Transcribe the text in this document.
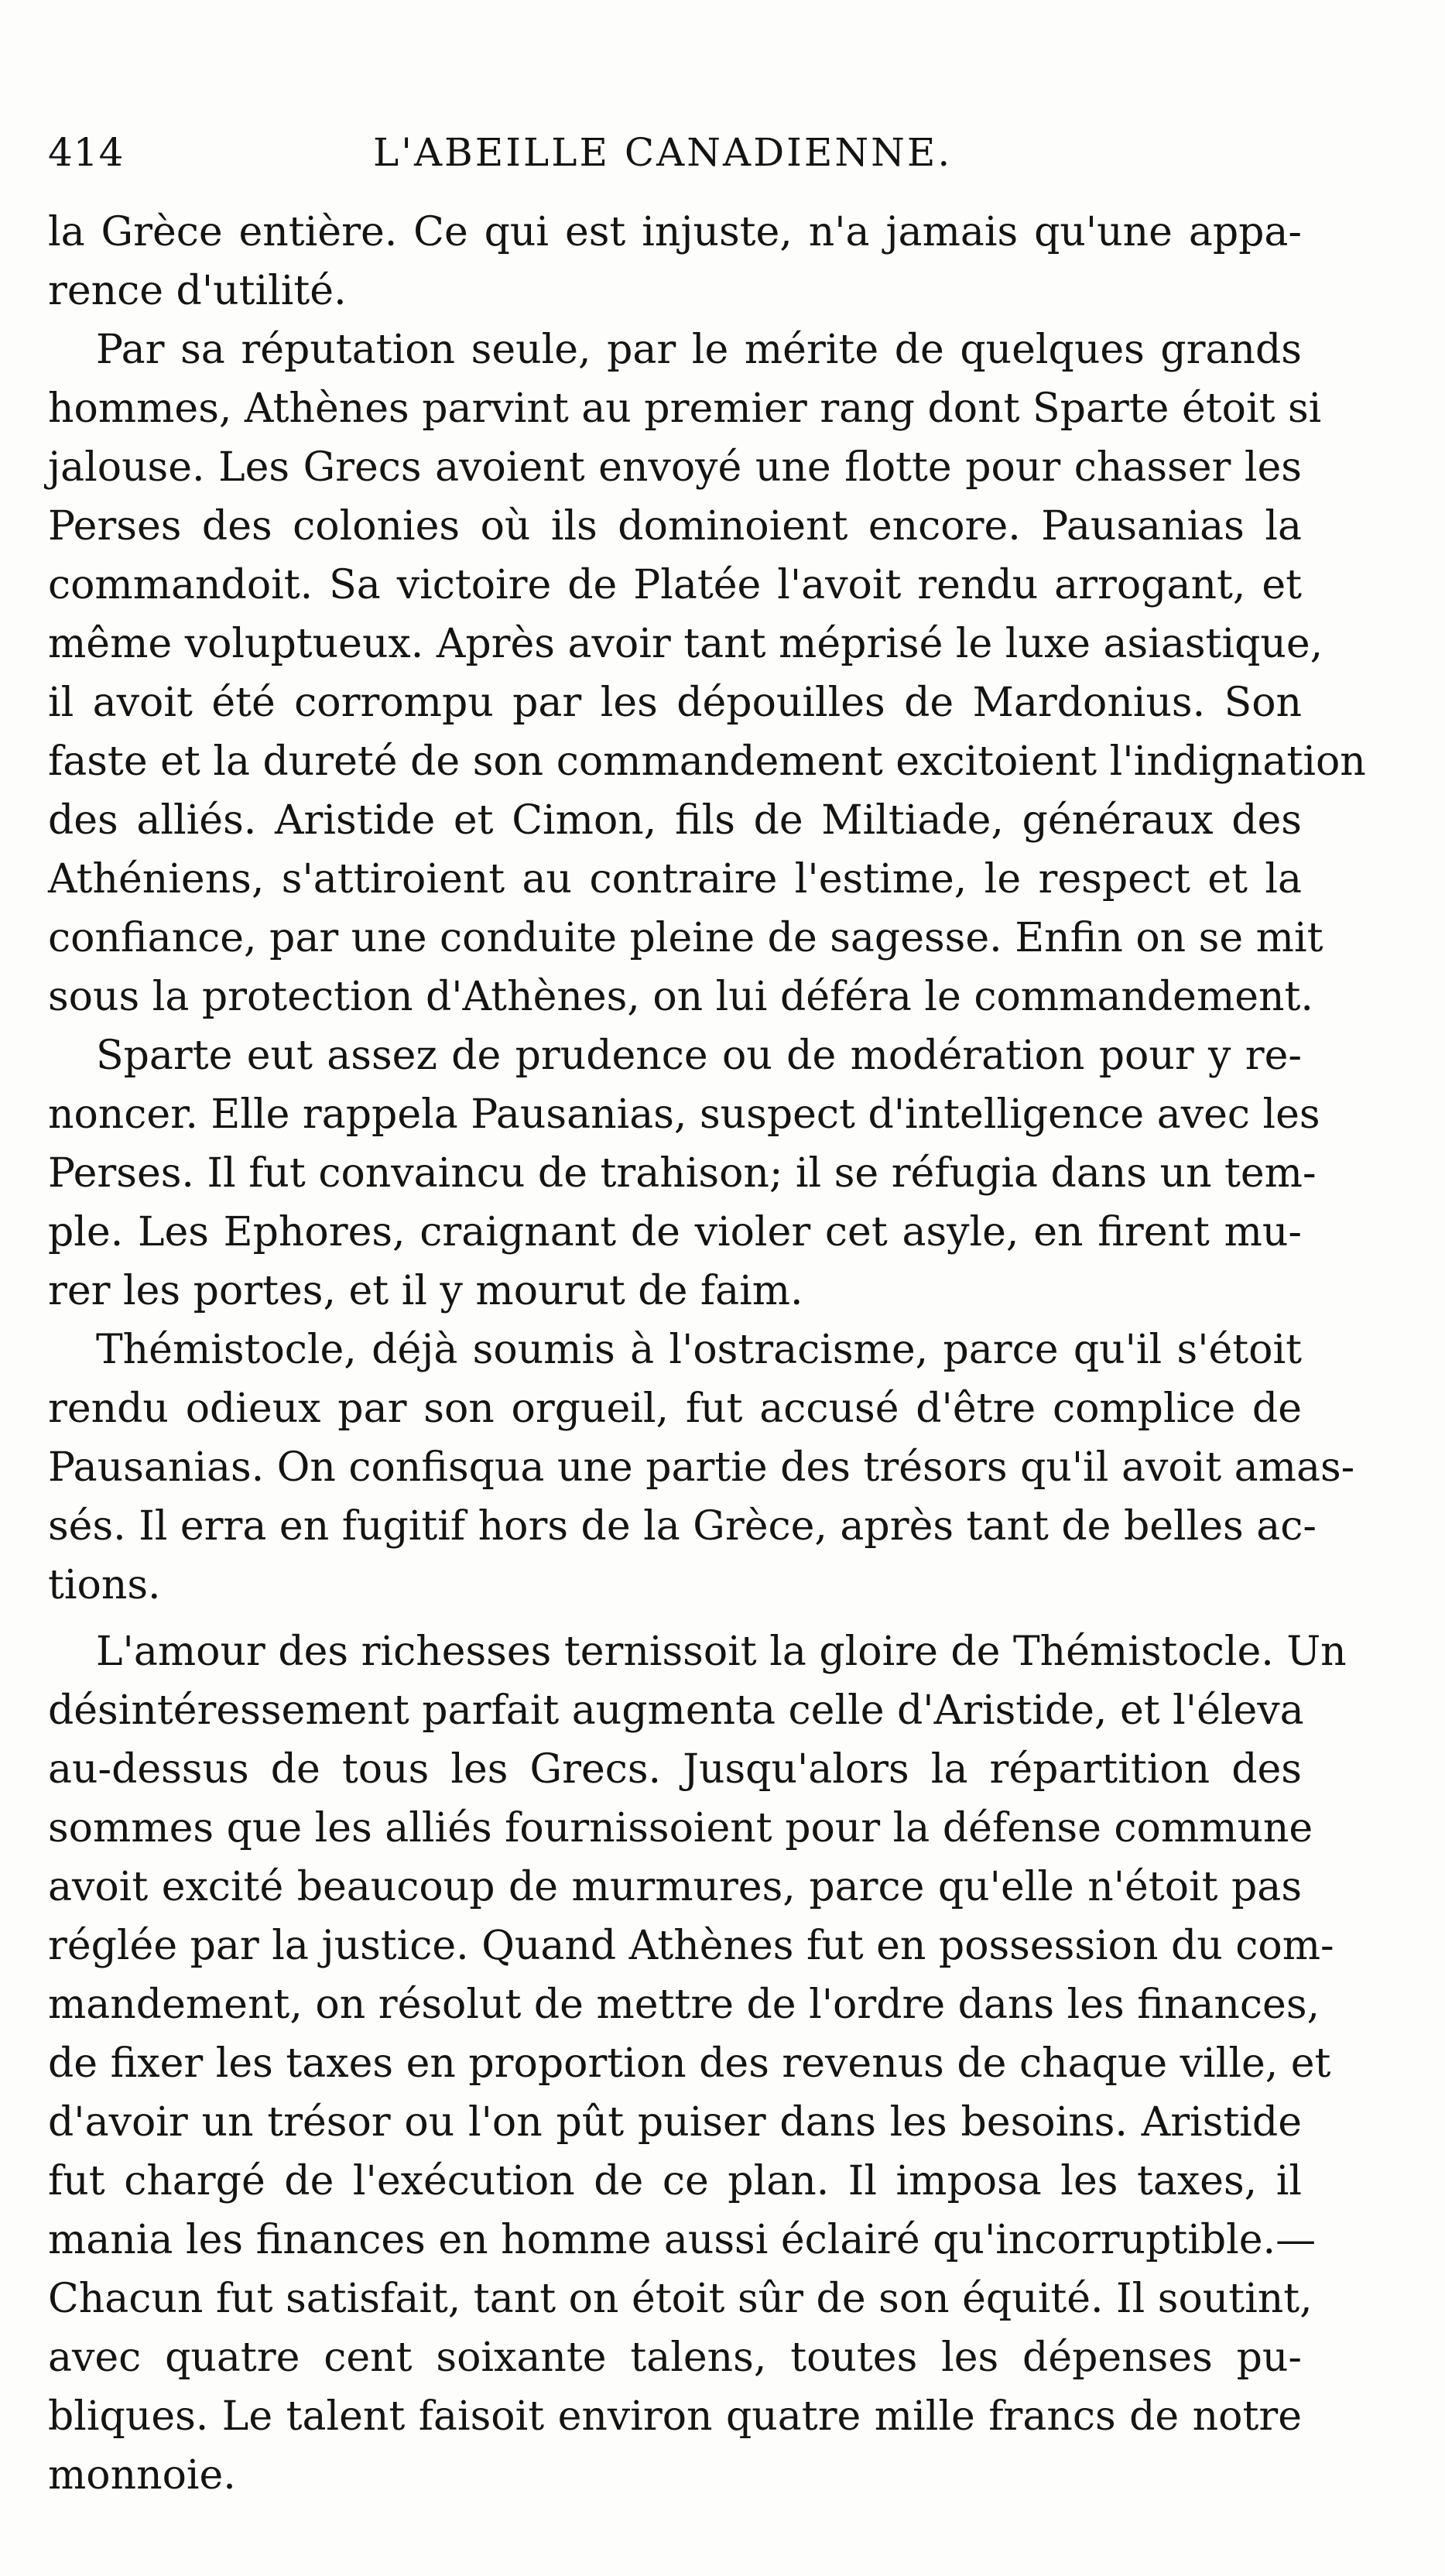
414	L'ABEILLE CANADIENNE.
la Grèce entière. Ce qui est injuste, n'a jamais qu'une appa-
rence d'utilité.
Par sa réputation seule, par le mérite de quelques grands
hommes, Athènes parvint au premier rang dont Sparte étoit si
jalouse. Les Grecs avoient envoyé une flotte pour chasser les
Perses des colonies où ils dominoient encore. Pausanias la
commandoit. Sa victoire de Platée l'avoit rendu arrogant, et
même voluptueux. Après avoir tant méprisé le luxe asiastique,
il avoit été corrompu par les dépouilles de Mardonius. Son
faste et la dureté de son commandement excitoient l'indignation
des alliés. Aristide et Cimon, fils de Miltiade, généraux des
Athéniens, s'attiroient au contraire l'estime, le respect et la
confiance, par une conduite pleine de sagesse. Enfin on se mit
sous la protection d'Athènes, on lui déféra le commandement.
Sparte eut assez de prudence ou de modération pour y re-
noncer. Elle rappela Pausanias, suspect d'intelligence avec les
Perses. Il fut convaincu de trahison; il se réfugia dans un tem-
ple. Les Ephores, craignant de violer cet asyle, en firent mu-
rer les portes, et il y mourut de faim.
Thémistocle, déjà soumis à l'ostracisme, parce qu'il s'étoit
rendu odieux par son orgueil, fut accusé d'être complice de
Pausanias. On confisqua une partie des trésors qu'il avoit amas-
sés. Il erra en fugitif hors de la Grèce, après tant de belles ac-
tions.
L'amour des richesses ternissoit la gloire de Thémistocle. Un
désintéressement parfait augmenta celle d'Aristide, et l'éleva
au-dessus de tous les Grecs. Jusqu'alors la répartition des
sommes que les alliés fournissoient pour la défense commune
avoit excité beaucoup de murmures, parce qu'elle n'étoit pas
réglée par la justice. Quand Athènes fut en possession du com-
mandement, on résolut de mettre de l'ordre dans les finances,
de fixer les taxes en proportion des revenus de chaque ville, et
d'avoir un trésor ou l'on pût puiser dans les besoins. Aristide
fut chargé de l'exécution de ce plan. Il imposa les taxes, il
mania les finances en homme aussi éclairé qu'incorruptible.—
Chacun fut satisfait, tant on étoit sûr de son équité. Il soutint,
avec quatre cent soixante talens, toutes les dépenses pu-
bliques. Le talent faisoit environ quatre mille francs de notre
monnoie.
